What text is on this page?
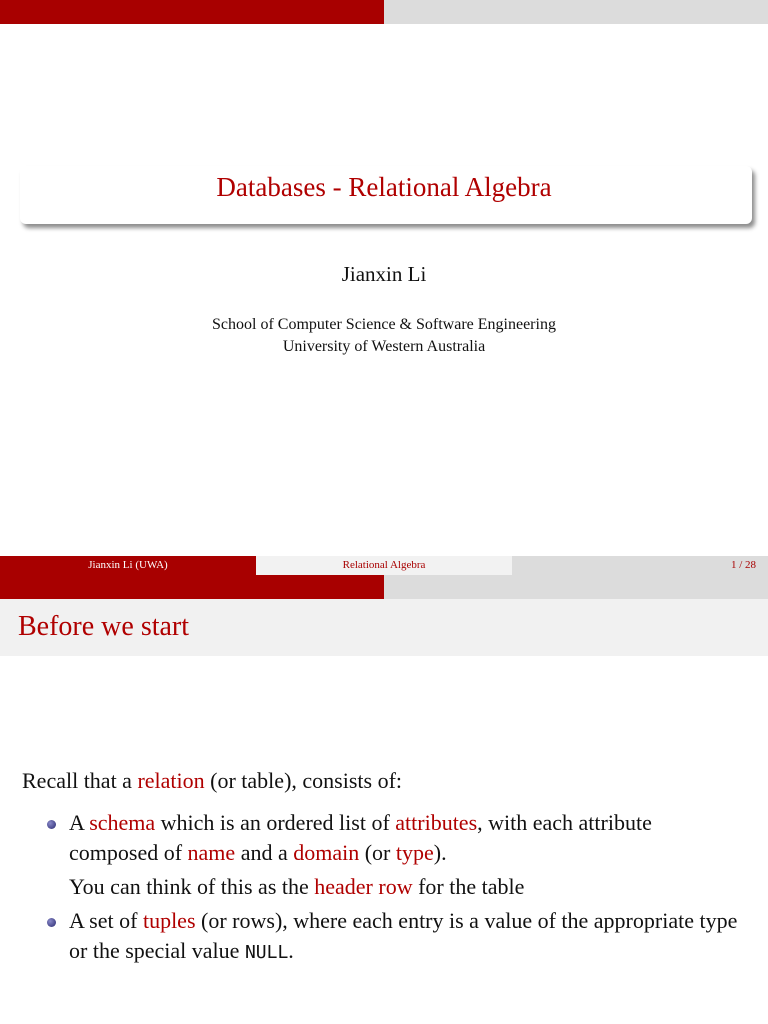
Databases - Relational Algebra
Jianxin Li
School of Computer Science & Software Engineering
University of Western Australia
Jianxin Li (UWA)	Relational Algebra	1 / 28
Before we start
Recall that a relation (or table), consists of:
A schema which is an ordered list of attributes, with each attribute composed of name and a domain (or type).
You can think of this as the header row for the table
A set of tuples (or rows), where each entry is a value of the appropriate type or the special value NULL.
